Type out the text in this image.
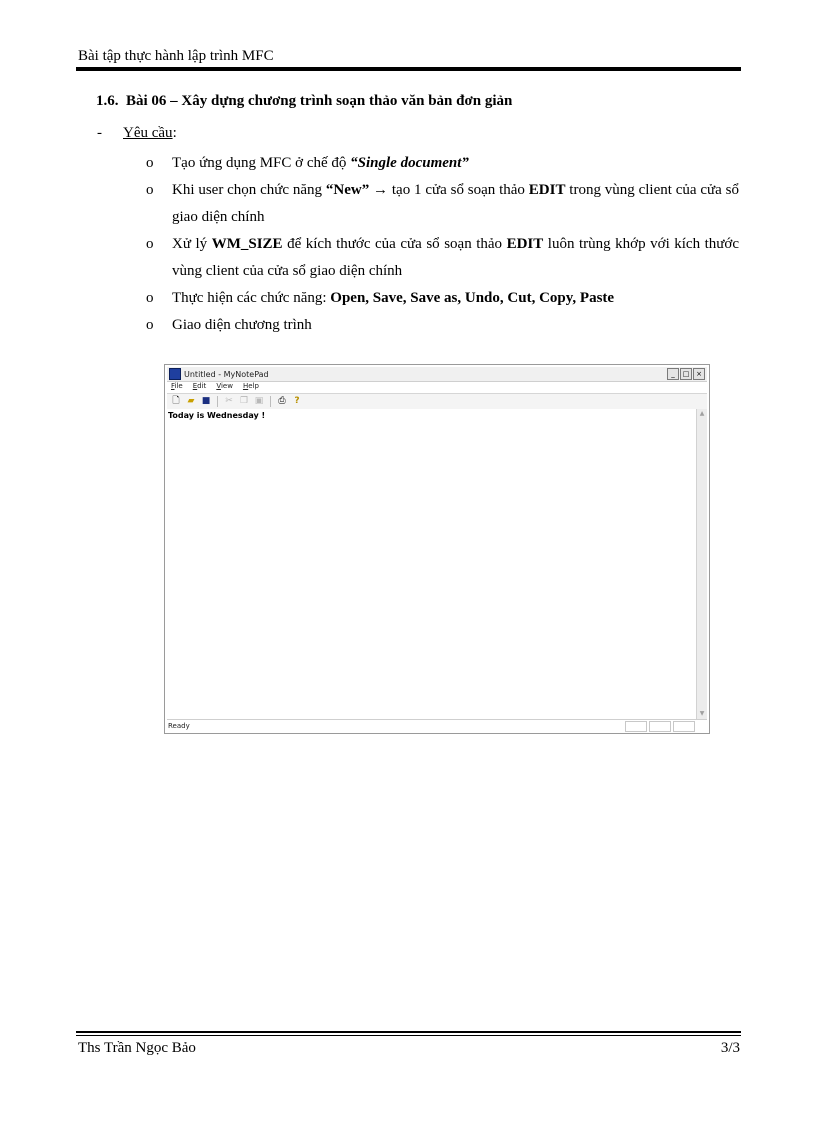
Bài tập thực hành lập trình MFC
1.6. Bài 06 – Xây dựng chương trình soạn thảo văn bản đơn giản
- Yêu cầu:
o Tạo ứng dụng MFC ở chế độ “Single document”
o Khi user chọn chức năng “New” → tạo 1 cửa sổ soạn thảo EDIT trong vùng client của cửa sổ giao diện chính
o Xử lý WM_SIZE để kích thước của cửa sổ soạn thảo EDIT luôn trùng khớp với kích thước vùng client của cửa sổ giao diện chính
o Thực hiện các chức năng: Open, Save, Save as, Undo, Cut, Copy, Paste
o Giao diện chương trình
Untitled - MyNotePad	_	□ ×
File Edit View Help
🗋 ▰ ■ ✂ ❐ ▣ ⎙ ?
Today is Wednesday !	▲
▼
Ready
Ths Trần Ngọc Bảo	3/3
